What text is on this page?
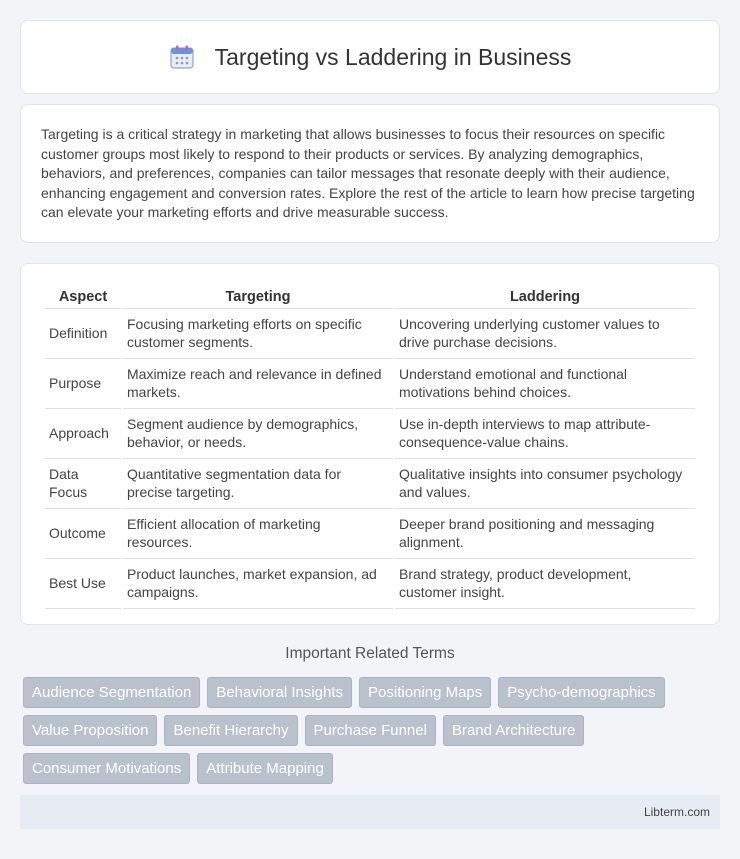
Targeting vs Laddering in Business

Targeting is a critical strategy in marketing that allows businesses to focus their resources on specific customer groups most likely to respond to their products or services. By analyzing demographics, behaviors, and preferences, companies can tailor messages that resonate deeply with their audience, enhancing engagement and conversion rates. Explore the rest of the article to learn how precise targeting can elevate your marketing efforts and drive measurable success.

Aspect	Targeting	Laddering
Definition	Focusing marketing efforts on specific customer segments.	Uncovering underlying customer values to drive purchase decisions.
Purpose	Maximize reach and relevance in defined markets.	Understand emotional and functional motivations behind choices.
Approach	Segment audience by demographics, behavior, or needs.	Use in-depth interviews to map attribute-consequence-value chains.
Data Focus	Quantitative segmentation data for precise targeting.	Qualitative insights into consumer psychology and values.
Outcome	Efficient allocation of marketing resources.	Deeper brand positioning and messaging alignment.
Best Use	Product launches, market expansion, ad campaigns.	Brand strategy, product development, customer insight.
Important Related Terms
Audience Segmentation	Behavioral Insights	Positioning Maps	Psycho-demographics
Value Proposition	Benefit Hierarchy	Purchase Funnel	Brand Architecture
Consumer Motivations	Attribute Mapping
Libterm.com
